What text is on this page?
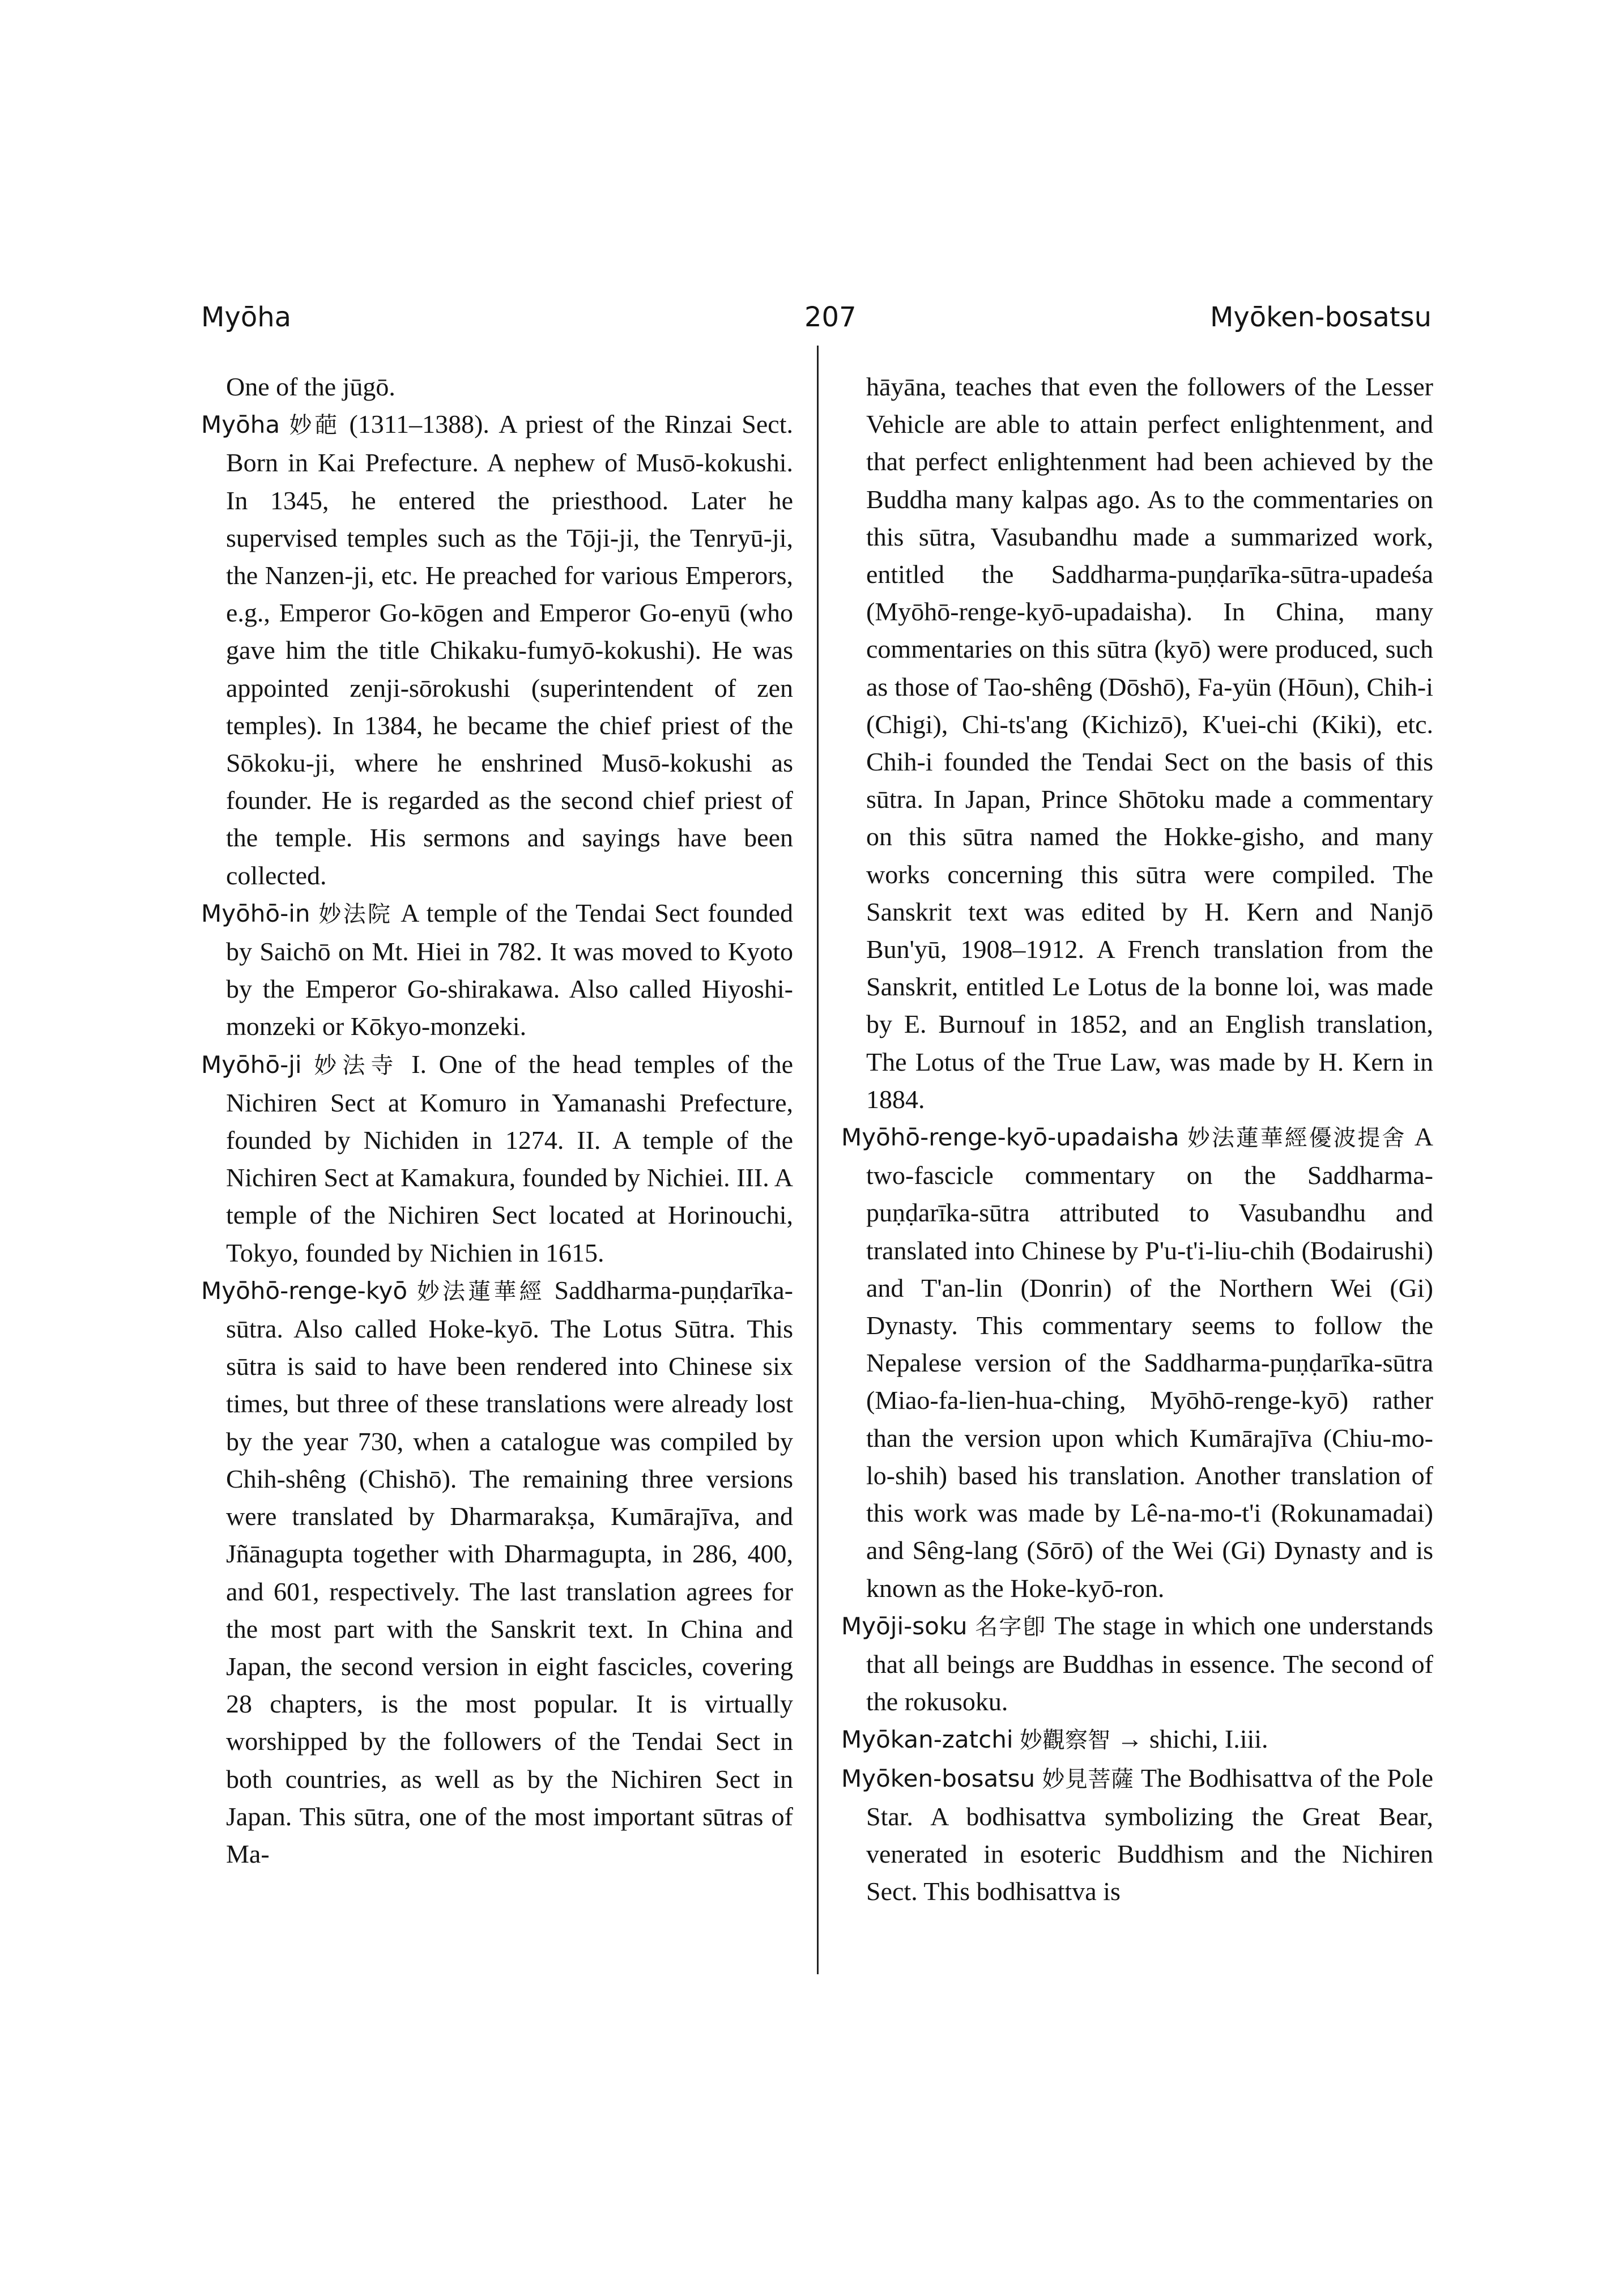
Myōha	207	Myōken-bosatsu
One of the jūgō.
Myōha 妙葩 (1311–1388). A priest of the Rinzai Sect. Born in Kai Prefecture. A nephew of Musō-kokushi. In 1345, he entered the priesthood. Later he supervised temples such as the Tōji-ji, the Tenryū-ji, the Nanzen-ji, etc. He preached for various Emperors, e.g., Emperor Go-kōgen and Emperor Go-enyū (who gave him the title Chikaku-fumyō-kokushi). He was appointed zenji-sōrokushi (superintendent of zen temples). In 1384, he became the chief priest of the Sōkoku-ji, where he enshrined Musō-kokushi as founder. He is regarded as the second chief priest of the temple. His sermons and sayings have been collected.
Myōhō-in 妙法院 A temple of the Tendai Sect founded by Saichō on Mt. Hiei in 782. It was moved to Kyoto by the Emperor Go-shirakawa. Also called Hiyoshi-monzeki or Kōkyo-monzeki.
Myōhō-ji 妙法寺 I. One of the head temples of the Nichiren Sect at Komuro in Yamanashi Prefecture, founded by Nichiden in 1274. II. A temple of the Nichiren Sect at Kamakura, founded by Nichiei. III. A temple of the Nichiren Sect located at Horinouchi, Tokyo, founded by Nichien in 1615.
Myōhō-renge-kyō 妙法蓮華經 Saddharma-puṇḍarīka-sūtra. Also called Hoke-kyō. The Lotus Sūtra. This sūtra is said to have been rendered into Chinese six times, but three of these translations were already lost by the year 730, when a catalogue was compiled by Chih-shêng (Chishō). The remaining three versions were translated by Dharmarakṣa, Kumārajīva, and Jñānagupta together with Dharmagupta, in 286, 400, and 601, respectively. The last translation agrees for the most part with the Sanskrit text. In China and Japan, the second version in eight fascicles, covering 28 chapters, is the most popular. It is virtually worshipped by the followers of the Tendai Sect in both countries, as well as by the Nichiren Sect in Japan. This sūtra, one of the most important sūtras of Ma-
hāyāna, teaches that even the followers of the Lesser Vehicle are able to attain perfect enlightenment, and that perfect enlightenment had been achieved by the Buddha many kalpas ago. As to the commentaries on this sūtra, Vasubandhu made a summarized work, entitled the Saddharma-puṇḍarīka-sūtra-upadeśa (Myōhō-renge-kyō-upadaisha). In China, many commentaries on this sūtra (kyō) were produced, such as those of Tao-shêng (Dōshō), Fa-yün (Hōun), Chih-i (Chigi), Chi-ts'ang (Kichizō), K'uei-chi (Kiki), etc. Chih-i founded the Tendai Sect on the basis of this sūtra. In Japan, Prince Shōtoku made a commentary on this sūtra named the Hokke-gisho, and many works concerning this sūtra were compiled. The Sanskrit text was edited by H. Kern and Nanjō Bun'yū, 1908–1912. A French translation from the Sanskrit, entitled Le Lotus de la bonne loi, was made by E. Burnouf in 1852, and an English translation, The Lotus of the True Law, was made by H. Kern in 1884.
Myōhō-renge-kyō-upadaisha 妙法蓮華經優波提舍 A two-fascicle commentary on the Saddharma-puṇḍarīka-sūtra attributed to Vasubandhu and translated into Chinese by P'u-t'i-liu-chih (Bodairushi) and T'an-lin (Donrin) of the Northern Wei (Gi) Dynasty. This commentary seems to follow the Nepalese version of the Saddharma-puṇḍarīka-sūtra (Miao-fa-lien-hua-ching, Myōhō-renge-kyō) rather than the version upon which Kumārajīva (Chiu-mo-lo-shih) based his translation. Another translation of this work was made by Lê-na-mo-t'i (Rokunamadai) and Sêng-lang (Sōrō) of the Wei (Gi) Dynasty and is known as the Hoke-kyō-ron.
Myōji-soku 名字卽 The stage in which one understands that all beings are Buddhas in essence. The second of the rokusoku.
Myōkan-zatchi 妙觀察智 → shichi, I.iii.
Myōken-bosatsu 妙見菩薩 The Bodhisattva of the Pole Star. A bodhisattva symbolizing the Great Bear, venerated in esoteric Buddhism and the Nichiren Sect. This bodhisattva is
